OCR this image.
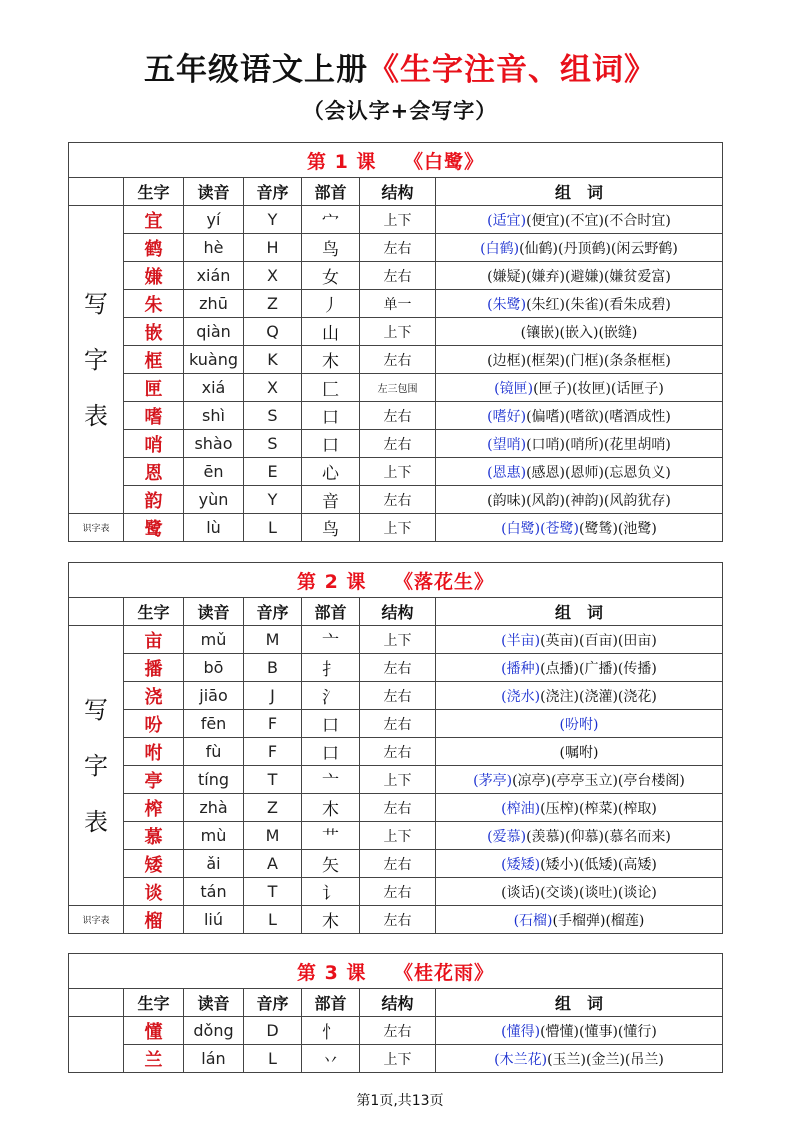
五年级语文上册《生字注音、组词》
（会认字+会写字）
第 1 课　 《白鹭》						
	生字	读音	音序	部首	结构	组　词

写
字
表	宜	yí	Y	宀	上下	(适宜)(便宜)(不宜)(不合时宜)
	鹤	hè	H	鸟	左右	(白鹤)(仙鹤)(丹顶鹤)(闲云野鹤)
	嫌	xián	X	女	左右	(嫌疑)(嫌弃)(避嫌)(嫌贫爱富)
	朱	zhū	Z	丿	单一	(朱鹭)(朱红)(朱雀)(看朱成碧)
	嵌	qiàn	Q	山	上下	(镶嵌)(嵌入)(嵌缝)
	框	kuàng	K	木	左右	(边框)(框架)(门框)(条条框框)
	匣	xiá	X	匚	左三包围	(镜匣)(匣子)(妆匣)(话匣子)
	嗜	shì	S	口	左右	(嗜好)(偏嗜)(嗜欲)(嗜酒成性)
	哨	shào	S	口	左右	(望哨)(口哨)(哨所)(花里胡哨)
	恩	ēn	E	心	上下	(恩惠)(感恩)(恩师)(忘恩负义)
	韵	yùn	Y	音	左右	(韵味)(风韵)(神韵)(风韵犹存)
识字表	鹭	lù	L	鸟	上下	(白鹭)(苍鹭)(鹭鸶)(池鹭)
第 2 课　 《落花生》						
	生字	读音	音序	部首	结构	组　词

写
字
表	亩	mǔ	M	亠	上下	(半亩)(英亩)(百亩)(田亩)
	播	bō	B	扌	左右	(播种)(点播)(广播)(传播)
	浇	jiāo	J	氵	左右	(浇水)(浇注)(浇灌)(浇花)
	吩	fēn	F	口	左右	(吩咐)
	咐	fù	F	口	左右	(嘱咐)
	亭	tíng	T	亠	上下	(茅亭)(凉亭)(亭亭玉立)(亭台楼阁)
	榨	zhà	Z	木	左右	(榨油)(压榨)(榨菜)(榨取)
	慕	mù	M	艹	上下	(爱慕)(羡慕)(仰慕)(慕名而来)
	矮	ǎi	A	矢	左右	(矮矮)(矮小)(低矮)(高矮)
	谈	tán	T	讠	左右	(谈话)(交谈)(谈吐)(谈论)
识字表	榴	liú	L	木	左右	(石榴)(手榴弹)(榴莲)
第 3 课　 《桂花雨》						
	生字	读音	音序	部首	结构	组　词
	懂	dǒng	D	忄	左右	(懂得)(懵懂)(懂事)(懂行)
	兰	lán	L	丷	上下	(木兰花)(玉兰)(金兰)(吊兰)
第1页,共13页
